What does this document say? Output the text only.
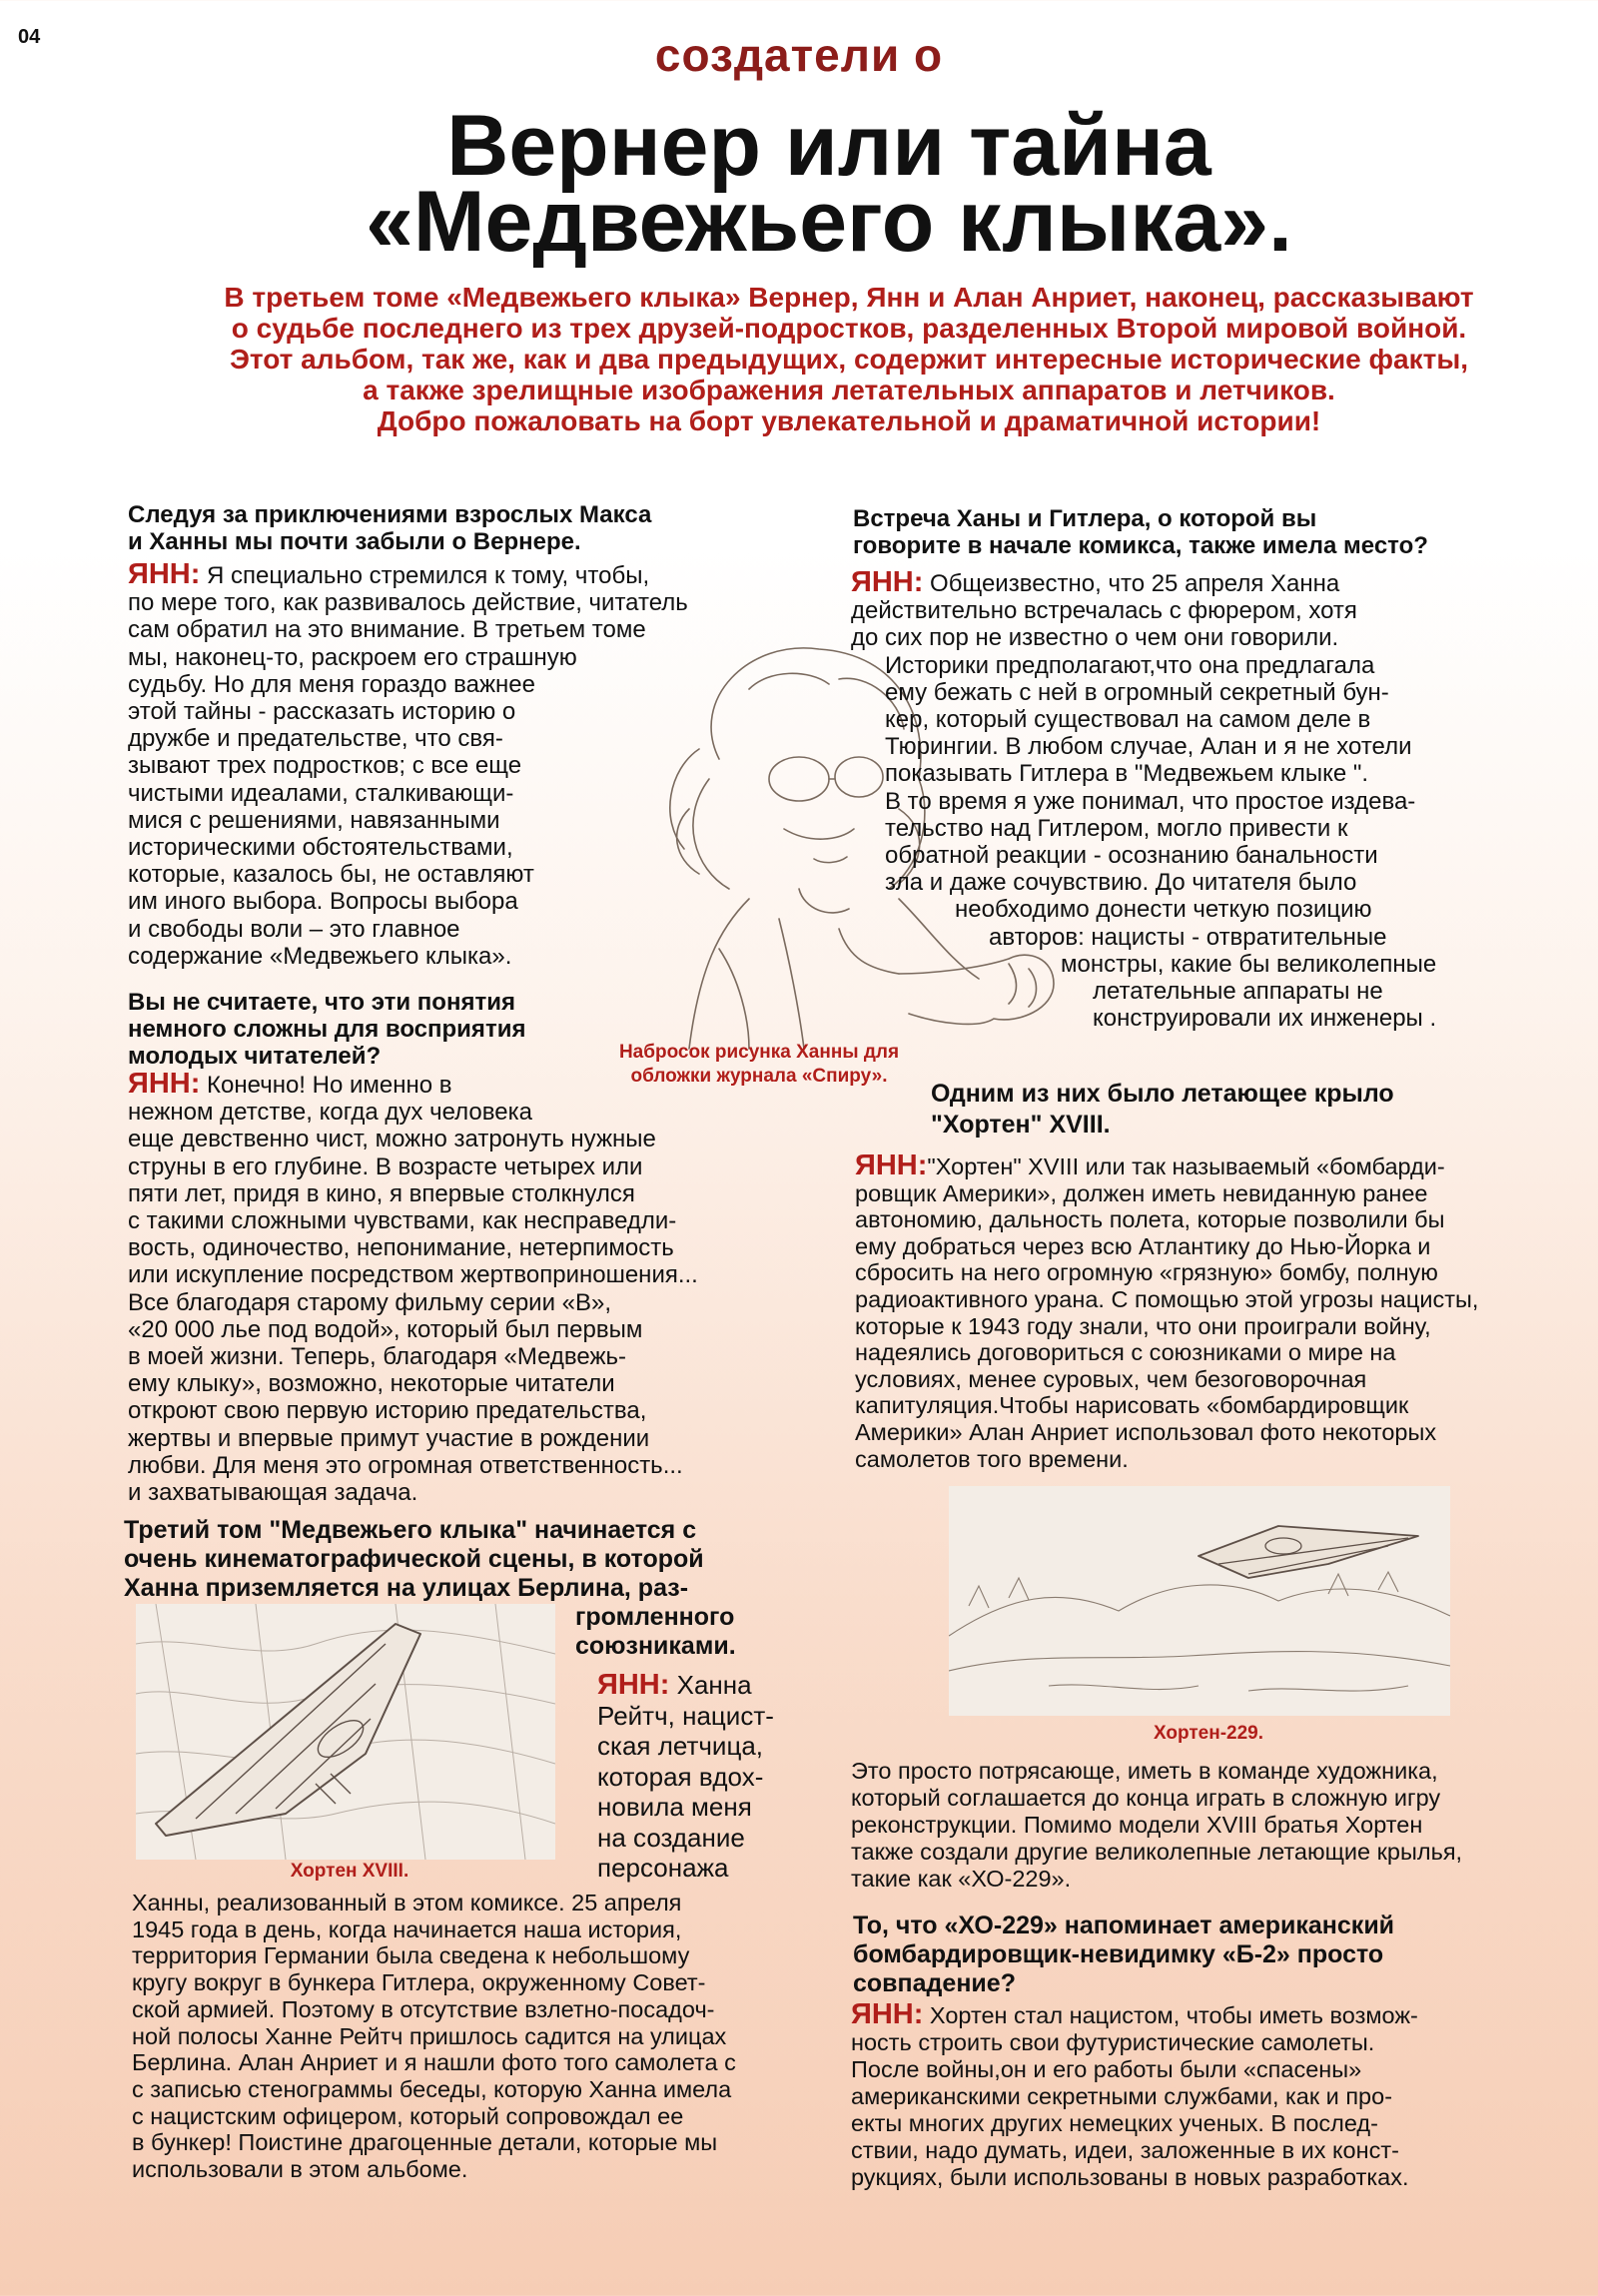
04	создатели о
Вернер или тайна
«Медвежьего клыка».
В третьем томе «Медвежьего клыка» Вернер, Янн и Алан Анриет, наконец, рассказывают
о судьбе последнего из трех друзей-подростков, разделенных Второй мировой войной.
Этот альбом, так же, как и два предыдущих, содержит интересные исторические факты,
а также зрелищные изображения летательных аппаратов и летчиков.
Добро пожаловать на борт увлекательной и драматичной истории!
Набросок рисунка Ханны для
обложки журнала «Спиру».
Следуя за приключениями взрослых Макса
и Ханны мы почти забыли о Вернере.
ЯНН: Я специально стремился к тому, чтобы,
по мере того, как развивалось действие, читатель
сам обратил на это внимание. В третьем томе
мы, наконец-то, раскроем его страшную
судьбу. Но для меня гораздо важнее
этой тайны - рассказать историю о
дружбе и предательстве, что свя-
зывают трех подростков; с все еще
чистыми идеалами, сталкивающи-
мися с решениями, навязанными
историческими обстоятельствами,
которые, казалось бы, не оставляют
им иного выбора. Вопросы выбора
и свободы воли – это главное
содержание «Медвежьего клыка».
Вы не считаете, что эти понятия
немного сложны для восприятия
молодых читателей?
ЯНН: Конечно! Но именно в
нежном детстве, когда дух человека
еще девственно чист, можно затронуть нужные
струны в его глубине. В возрасте четырех или
пяти лет, придя в кино, я впервые столкнулся
с такими сложными чувствами, как несправедли-
вость, одиночество, непонимание, нетерпимость
или искупление посредством жертвоприношения...
Все благодаря старому фильму серии «В»,
«20 000 лье под водой», который был первым
в моей жизни. Теперь, благодаря «Медвежь-
ему клыку», возможно, некоторые читатели
откроют свою первую историю предательства,
жертвы и впервые примут участие в рождении
любви. Для меня это огромная ответственность...
и захватывающая задача.
Третий том "Медвежьего клыка" начинается с
очень кинематографической сцены, в которой
Ханна приземляется на улицах Берлина, раз-
громленного
союзниками.
Хортен XVIII.
ЯНН: Ханна
Рейтч, нацист-
ская летчица,
которая вдох-
новила меня
на создание
персонажа
Ханны, реализованный в этом комиксе. 25 апреля
1945 года в день, когда начинается наша история,
территория Германии была сведена к небольшому
кругу вокруг в бункера Гитлера, окруженному Совет-
ской армией. Поэтому в отсутствие взлетно-посадоч-
ной полосы Ханне Рейтч пришлось садится на улицах
Берлина. Алан Анриет и я нашли фото того самолета с
с записью стенограммы беседы, которую Ханна имела
с нацистским офицером, который сопровождал ее
в бункер! Поистине драгоценные детали, которые мы
использовали в этом альбоме.
Встреча Ханы и Гитлера, о которой вы
говорите в начале комикса, также имела место?
ЯНН: Общеизвестно, что 25 апреля Ханна
действительно встречалась с фюрером, хотя
до сих пор не известно о чем они говорили.
Историки предполагают,что она предлагала
ему бежать с ней в огромный секретный бун-
кер, который существовал на самом деле в
Тюрингии. В любом случае, Алан и я не хотели
показывать Гитлера в "Медвежьем клыке ".
В то время я уже понимал, что простое издева-
тельство над Гитлером, могло привести к
обратной реакции - осознанию банальности
зла и даже сочувствию. До читателя было
необходимо донести четкую позицию
авторов: нацисты - отвратительные
монстры, какие бы великолепные
летательные аппараты не
конструировали их инженеры .
Одним из них было летающее крыло
"Хортен" XVIII.
ЯНН:"Хортен" XVIII или так называемый «бомбарди-
ровщик Америки», должен иметь невиданную ранее
автономию, дальность полета, которые позволили бы
ему добраться через всю Атлантику до Нью-Йорка и
сбросить на него огромную «грязную» бомбу, полную
радиоактивного урана. С помощью этой угрозы нацисты,
которые к 1943 году знали, что они проиграли войну,
надеялись договориться с союзниками о мире на
условиях, менее суровых, чем безоговорочная
капитуляция.Чтобы нарисовать «бомбардировщик
Америки» Алан Анриет использовал фото некоторых
самолетов того времени.
Хортен-229.
Это просто потрясающе, иметь в команде художника,
который соглашается до конца играть в сложную игру
реконструкции. Помимо модели XVIII братья Хортен
также создали другие великолепные летающие крылья,
такие как «ХО-229».
То, что «ХО-229» напоминает американский
бомбардировщик-невидимку «Б-2» просто
совпадение?
ЯНН: Хортен стал нацистом, чтобы иметь возмож-
ность строить свои футуристические самолеты.
После войны,он и его работы были «спасены»
американскими секретными службами, как и про-
екты многих других немецких ученых. В послед-
ствии, надо думать, идеи, заложенные в их конст-
рукциях, были использованы в новых разработках.
